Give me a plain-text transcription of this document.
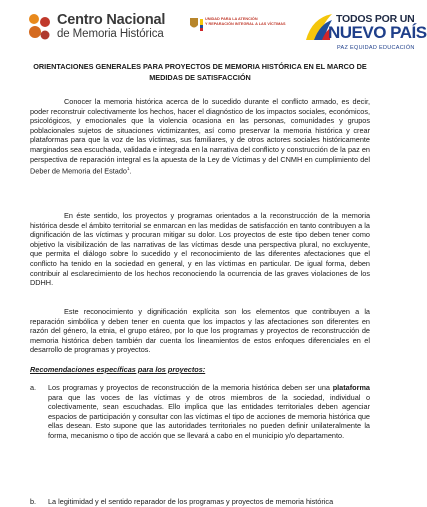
Centro Nacional
de Memoria Histórica
UNIDAD PARA LA ATENCIÓN
Y REPARACIÓN INTEGRAL A LAS VÍCTIMAS	TODOS POR UN
NUEVO PAÍS
PAZ EQUIDAD EDUCACIÓN
ORIENTACIONES GENERALES PARA PROYECTOS DE MEMORIA HISTÓRICA EN EL MARCO DE MEDIDAS DE SATISFACCIÓN
Conocer la memoria histórica acerca de lo sucedido durante el conflicto armado, es decir, poder reconstruir colectivamente los hechos, hacer el diagnóstico de los impactos sociales, económicos, psicológicos, y emocionales que la violencia ocasiona en las personas, comunidades y grupos poblacionales sujetos de situaciones victimizantes, así como preservar la memoria histórica y crear plataformas para que la voz de las víctimas, sus familiares, y de otros actores sociales históricamente marginados sea escuchada, validada e integrada en la narrativa del conflicto y construcción de la paz en perspectiva de reparación integral es la apuesta de la Ley de Víctimas y del CNMH en cumplimiento del Deber de Memoria del Estado$^1$.
En éste sentido, los proyectos y programas orientados a la reconstrucción de la memoria histórica desde el ámbito territorial se enmarcan en las medidas de satisfacción en tanto contribuyen a la dignificación de las víctimas y procuran mitigar su dolor. Los proyectos de este tipo deben tener como objetivo la visibilización de las narrativas de las víctimas desde una perspectiva plural, no excluyente, que permita el diálogo sobre lo sucedido y el reconocimiento de las diferentes afectaciones que el conflicto ha tenido en la sociedad en general, y en las víctimas en particular. De igual forma, deben contribuir al esclarecimiento de los hechos reconociendo la ocurrencia de las graves violaciones de los DDHH.
Este reconocimiento y dignificación explícita son los elementos que contribuyen a la reparación simbólica y deben tener en cuenta que los impactos y las afectaciones son diferentes en razón del género, la etnia, el grupo etáreo, por lo que los programas y proyectos de reconstrucción de memoria histórica deben también dar cuenta los lineamientos de estos enfoques diferenciales en el desarrollo de programas y proyectos.
Recomendaciones específicas para los proyectos:
a. Los programas y proyectos de reconstrucción de la memoria histórica deben ser una plataforma para que las voces de las víctimas y de otros miembros de la sociedad, individual o colectivamente, sean escuchadas. Ello implica que las entidades territoriales deben agenciar espacios de participación y consultar con las víctimas el tipo de acciones de memoria histórica que ellas desean. Esto supone que las autoridades territoriales no pueden definir unilateralmente la forma, mecanismo o tipo de acción que se llevará a cabo en el municipio y/o departamento.
b. La legitimidad y el sentido reparador de los programas y proyectos de memoria histórica
